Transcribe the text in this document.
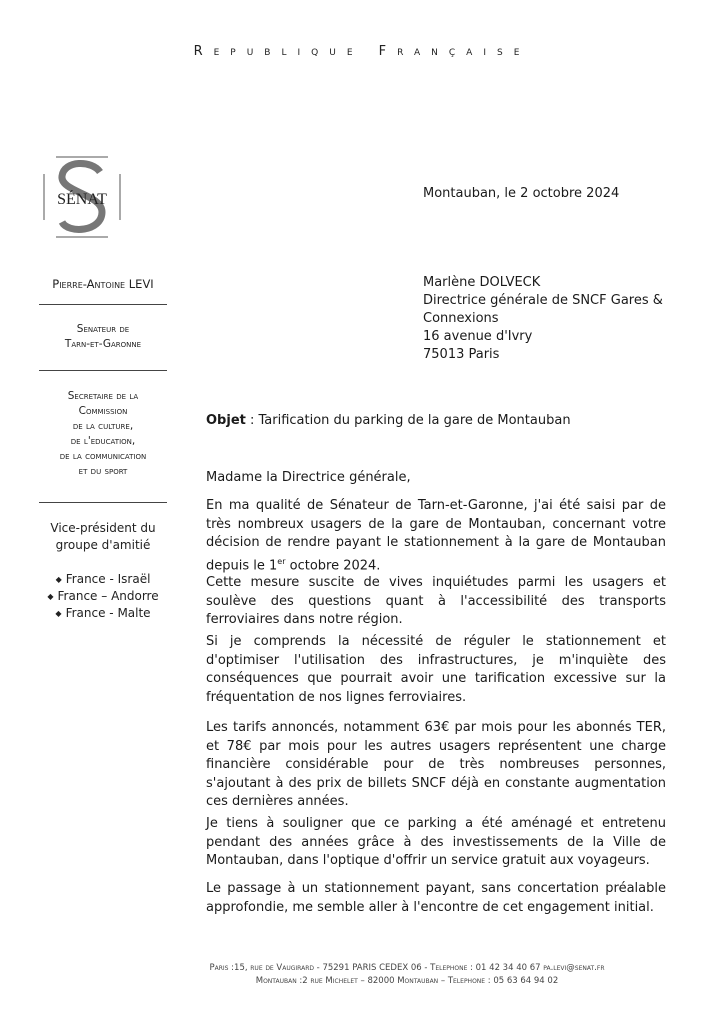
Republique Française
SÉNAT
Pierre-Antoine LEVI
Senateur de
Tarn-et-Garonne
Secretaire de la
Commission
de la culture,
de l'education,
de la communication
et du sport
Vice-président du
groupe d'amitié
◆ France - Israël
◆ France – Andorre
◆ France - Malte
Montauban, le 2 octobre 2024
Marlène DOLVECK
Directrice générale de SNCF Gares &
Connexions
16 avenue d'Ivry
75013 Paris
Objet : Tarification du parking de la gare de Montauban
Madame la Directrice générale,
En ma qualité de Sénateur de Tarn-et-Garonne, j'ai été saisi par de très nombreux usagers de la gare de Montauban, concernant votre décision de rendre payant le stationnement à la gare de Montauban depuis le 1er octobre 2024.
Cette mesure suscite de vives inquiétudes parmi les usagers et soulève des questions quant à l'accessibilité des transports ferroviaires dans notre région.
Si je comprends la nécessité de réguler le stationnement et d'optimiser l'utilisation des infrastructures, je m'inquiète des conséquences que pourrait avoir une tarification excessive sur la fréquentation de nos lignes ferroviaires.
Les tarifs annoncés, notamment 63€ par mois pour les abonnés TER, et 78€ par mois pour les autres usagers représentent une charge financière considérable pour de très nombreuses personnes, s'ajoutant à des prix de billets SNCF déjà en constante augmentation ces dernières années.
Je tiens à souligner que ce parking a été aménagé et entretenu pendant des années grâce à des investissements de la Ville de Montauban, dans l'optique d'offrir un service gratuit aux voyageurs.
Le passage à un stationnement payant, sans concertation préalable approfondie, me semble aller à l'encontre de cet engagement initial.
Paris :15, rue de Vaugirard - 75291 PARIS CEDEX 06 - Telephone : 01 42 34 40 67 pa.levi@senat.fr
Montauban :2 rue Michelet – 82000 Montauban – Telephone : 05 63 64 94 02
